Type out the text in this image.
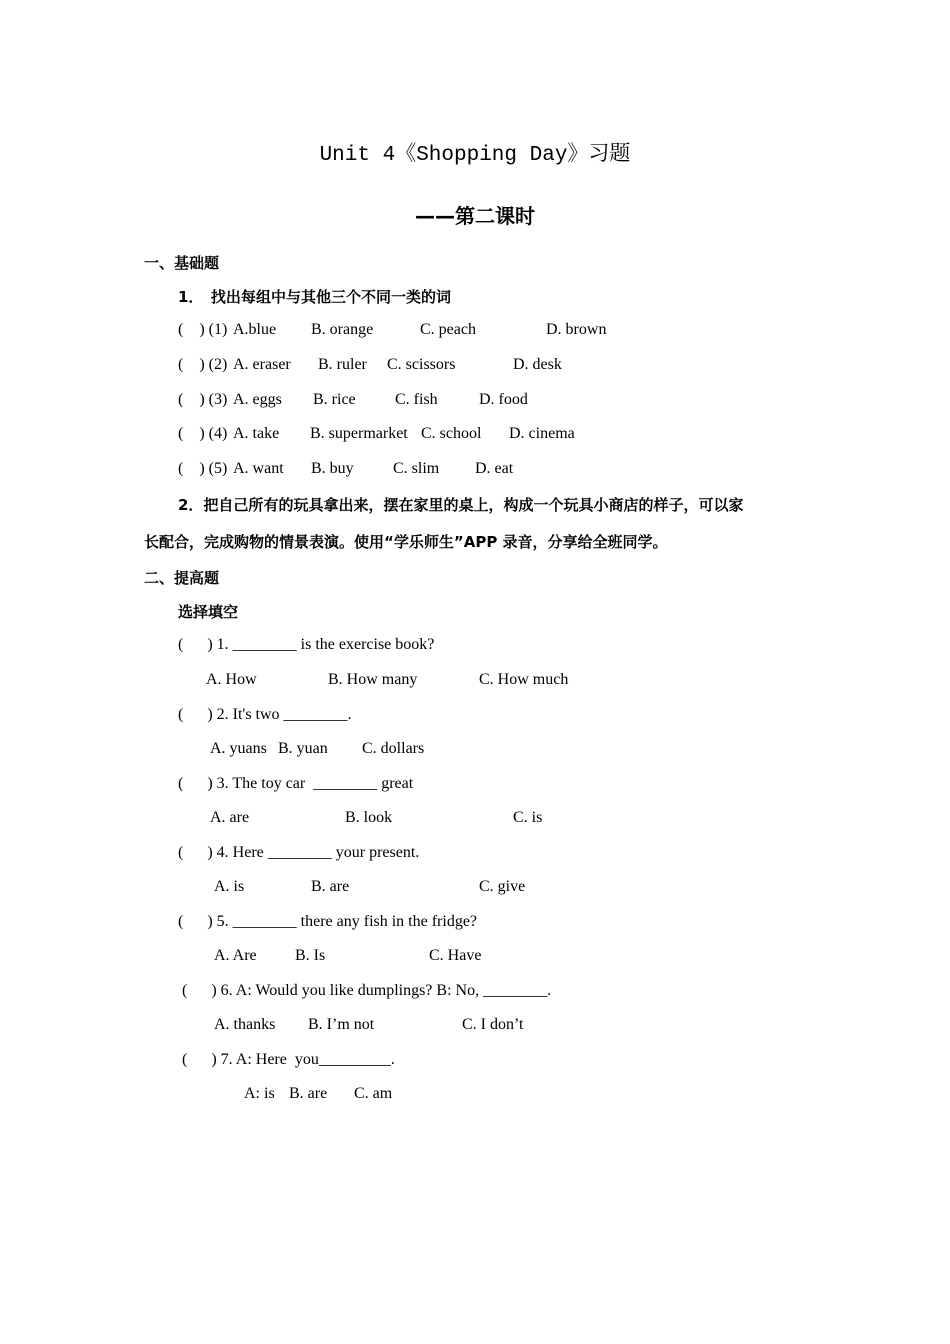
Unit 4《Shopping Day》习题
——第二课时
一、基础题
1．　找出每组中与其他三个不同一类的词
(    ) (1) A.blue B. orange	C. peach	D. brown
(    ) (2) A. eraser B. ruler C. scissors	D. desk
(    ) (3) A. eggs B. rice C. fish	D. food
(    ) (4) A. take B. supermarket C. school D. cinema
(    ) (5) A. want B. buy C. slim D. eat
2．把自己所有的玩具拿出来，摆在家里的桌上，构成一个玩具小商店的样子，可以家
长配合，完成购物的情景表演。使用“学乐师生”APP 录音，分享给全班同学。
二、提高题
选择填空
(      ) 1. ________ is the exercise book?
A. How	B. How many	C. How much
(      ) 2. It's two ________.
A. yuans B. yuan C. dollars
(      ) 3. The toy car  ________ great
A. are	B. look	C. is
(      ) 4. Here ________ your present.
A. is	B. are	C. give
(      ) 5. ________ there any fish in the fridge?
A. Are B. Is	C. Have
(      ) 6. A: Would you like dumplings? B: No, ________.
A. thanks B. I’m not	C. I don’t
(      ) 7. A: Here  you_________.
A: is B. are C. am
